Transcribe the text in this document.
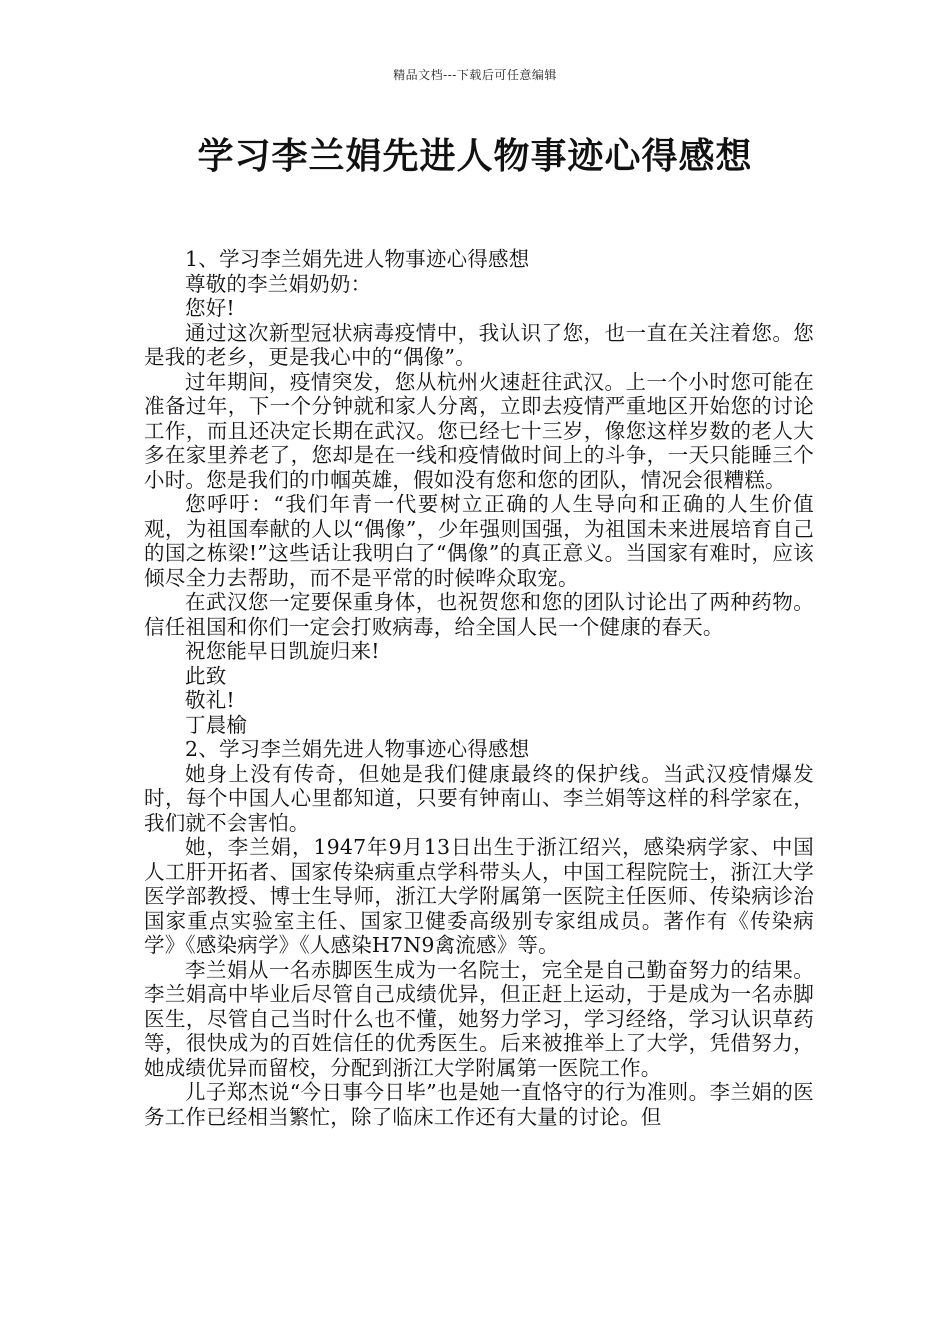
精品文档---下载后可任意编辑
学习李兰娟先进人物事迹心得感想

1、学习李兰娟先进人物事迹心得感想

尊敬的李兰娟奶奶：

您好!

通过这次新型冠状病毒疫情中，我认识了您，也一直在关注着您。您是我的老乡，更是我心中的“偶像”。

过年期间，疫情突发，您从杭州火速赶往武汉。上一个小时您可能在准备过年，下一个分钟就和家人分离，立即去疫情严重地区开始您的讨论工作，而且还决定长期在武汉。您已经七十三岁，像您这样岁数的老人大多在家里养老了，您却是在一线和疫情做时间上的斗争，一天只能睡三个小时。您是我们的巾帼英雄，假如没有您和您的团队，情况会很糟糕。

您呼吁：“我们年青一代要树立正确的人生导向和正确的人生价值观，为祖国奉献的人以“偶像”，少年强则国强，为祖国未来进展培育自己的国之栋梁!”这些话让我明白了“偶像”的真正意义。当国家有难时，应该倾尽全力去帮助，而不是平常的时候哗众取宠。

在武汉您一定要保重身体，也祝贺您和您的团队讨论出了两种药物。信任祖国和你们一定会打败病毒，给全国人民一个健康的春天。

祝您能早日凯旋归来!

此致

敬礼!

丁晨榆

2、学习李兰娟先进人物事迹心得感想

她身上没有传奇，但她是我们健康最终的保护线。当武汉疫情爆发时，每个中国人心里都知道，只要有钟南山、李兰娟等这样的科学家在，我们就不会害怕。

她，李兰娟，1947年9月13日出生于浙江绍兴，感染病学家、中国人工肝开拓者、国家传染病重点学科带头人，中国工程院院士，浙江大学医学部教授、博士生导师，浙江大学附属第一医院主任医师、传染病诊治国家重点实验室主任、国家卫健委高级别专家组成员。著作有《传染病学》《感染病学》《人感染H7N9禽流感》等。

李兰娟从一名赤脚医生成为一名院士，完全是自己勤奋努力的结果。李兰娟高中毕业后尽管自己成绩优异，但正赶上运动，于是成为一名赤脚医生，尽管自己当时什么也不懂，她努力学习，学习经络，学习认识草药等，很快成为的百姓信任的优秀医生。后来被推举上了大学，凭借努力，她成绩优异而留校，分配到浙江大学附属第一医院工作。

儿子郑杰说“今日事今日毕”也是她一直恪守的行为准则。李兰娟的医务工作已经相当繁忙，除了临床工作还有大量的讨论。但
